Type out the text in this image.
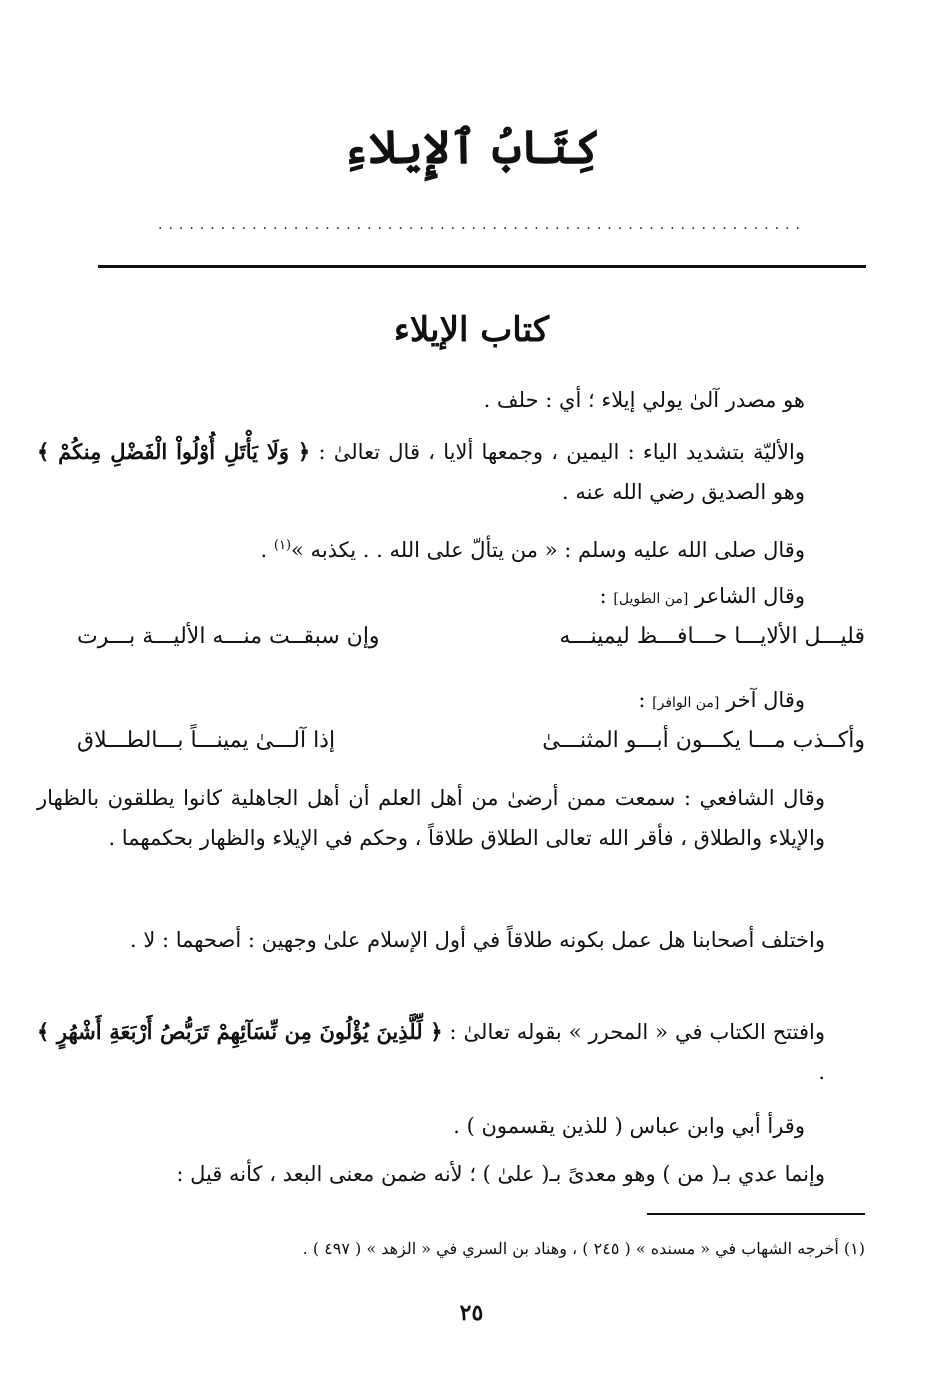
كِتَابُ ٱلإِيلاءِ
..............................................................
كتاب الإيلاء
هو مصدر آلىٰ يولي إيلاء ؛ أي : حلف .
والأليّة بتشديد الياء : اليمين ، وجمعها ألايا ، قال تعالىٰ : ﴿ وَلَا يَأْتَلِ أُوْلُواْ الْفَضْلِ مِنكُمْ ﴾ وهو الصديق رضي الله عنه .
وقال صلى الله عليه وسلم : « من يتألّ على الله . . يكذبه »$^{(١)}$ .
وقال الشاعر [من الطويل] :
قليـــل الألايـــا حـــافـــظ ليمينـــه
وإن سبقــت منـــه الأليـــة بـــرت
وقال آخر [من الوافر] :
وأكــذب مـــا يكـــون أبـــو المثنـــىٰ
إذا آلـــىٰ يمينـــاً بـــالطـــلاق
وقال الشافعي : سمعت ممن أرضىٰ من أهل العلم أن أهل الجاهلية كانوا يطلقون بالظهار والإيلاء والطلاق ، فأقر الله تعالى الطلاق طلاقاً ، وحكم في الإيلاء والظهار بحكمهما .
واختلف أصحابنا هل عمل بكونه طلاقاً في أول الإسلام علىٰ وجهين : أصحهما : لا .
وافتتح الكتاب في « المحرر » بقوله تعالىٰ : ﴿ لِّلَّذِينَ يُؤْلُونَ مِن نِّسَآئِهِمْ تَرَبُّصُ أَرْبَعَةِ أَشْهُرٍ ﴾ .
وقرأ أبي وابن عباس ( للذين يقسمون ) .
وإنما عدي بـ( من ) وهو معدىً بـ( علىٰ ) ؛ لأنه ضمن معنى البعد ، كأنه قيل :
(١) أخرجه الشهاب في « مسنده » ( ٢٤٥ ) ، وهناد بن السري في « الزهد » ( ٤٩٧ ) .
٢٥
